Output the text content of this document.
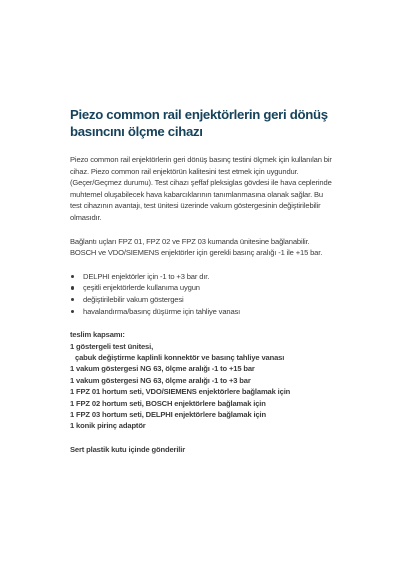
Piezo common rail enjektörlerin geri dönüş basıncını ölçme cihazı

Piezo common rail enjektörlerin geri dönüş basınç testini ölçmek için kullanılan bir cihaz. Piezo common rail enjektörün kalitesini test etmek için uygundur. (Geçer/Geçmez durumu). Test cihazı şeffaf pleksiglas gövdesi ile hava ceplerinde muhtemel oluşabilecek hava kabarcıklarının tanımlanmasına olanak sağlar. Bu test cihazının avantajı, test ünitesi üzerinde vakum göstergesinin değiştirilebilir olmasıdır.

Bağlantı uçları FPZ 01, FPZ 02 ve FPZ 03 kumanda ünitesine bağlanabilir. BOSCH ve VDO/SIEMENS enjektörler için gerekli basınç aralığı -1 ile +15 bar.

DELPHI enjektörler için -1 to +3 bar dır.
çeşitli enjektörlerde kullanıma uygun
değiştirilebilir vakum göstergesi
havalandırma/basınç düşürme için tahliye vanası
teslim kapsamı:
1 göstergeli test ünitesi,
çabuk değiştirme kaplinli konnektör ve basınç tahliye vanası
1 vakum göstergesi NG 63, ölçme aralığı -1 to +15 bar
1 vakum göstergesi NG 63, ölçme aralığı -1 to +3 bar
1 FPZ 01 hortum seti, VDO/SIEMENS enjektörlere bağlamak için
1 FPZ 02 hortum seti, BOSCH enjektörlere bağlamak için
1 FPZ 03 hortum seti, DELPHI enjektörlere bağlamak için
1 konik pirinç adaptör
Sert plastik kutu içinde gönderilir
